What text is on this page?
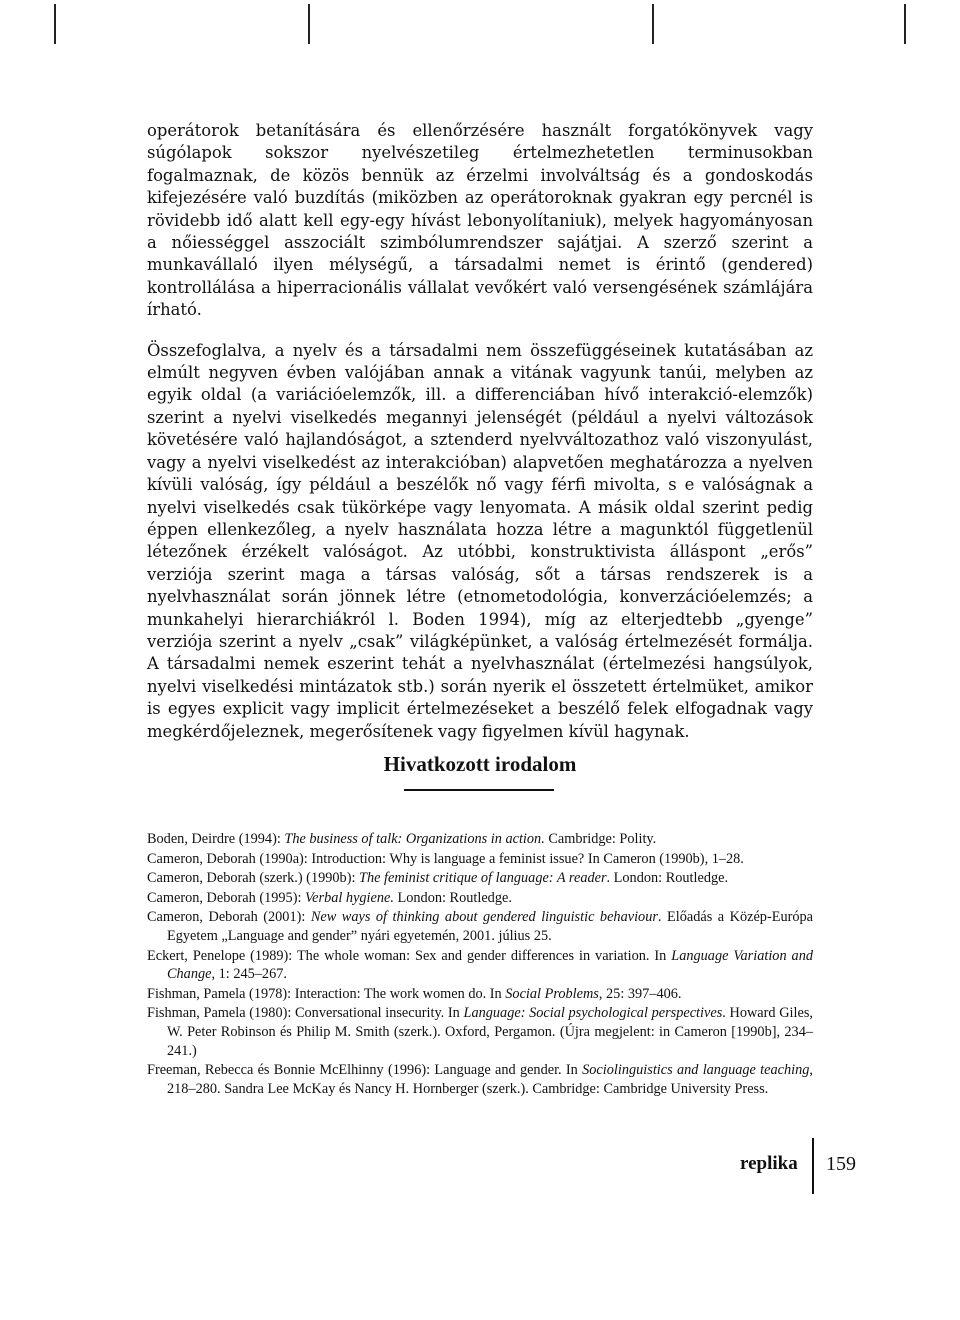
operátorok betanítására és ellenőrzésére használt forgatókönyvek vagy súgólapok sokszor nyelvészetileg értelmezhetetlen terminusokban fogalmaznak, de közös bennük az érzelmi involváltság és a gondoskodás kifejezésére való buzdítás (miközben az operátoroknak gyakran egy percnél is rövidebb idő alatt kell egy-egy hívást lebonyolítaniuk), melyek hagyományosan a nőiességgel asszociált szimbólumrendszer sajátjai. A szerző szerint a munkavállaló ilyen mélységű, a társadalmi nemet is érintő (gendered) kontrollálása a hiperracionális vállalat vevőkért való versengésének számlájára írható.

Összefoglalva, a nyelv és a társadalmi nem összefüggéseinek kutatásában az elmúlt negyven évben valójában annak a vitának vagyunk tanúi, melyben az egyik oldal (a variációelemzők, ill. a differenciában hívő interakció-elemzők) szerint a nyelvi viselkedés megannyi jelenségét (például a nyelvi változások követésére való hajlandóságot, a sztenderd nyelvváltozathoz való viszonyulást, vagy a nyelvi viselkedést az interakcióban) alapvetően meghatározza a nyelven kívüli valóság, így például a beszélők nő vagy férfi mivolta, s e valóságnak a nyelvi viselkedés csak tükörképe vagy lenyomata. A másik oldal szerint pedig éppen ellenkezőleg, a nyelv használata hozza létre a magunktól függetlenül létezőnek érzékelt valóságot. Az utóbbi, konstruktivista álláspont „erős” verziója szerint maga a társas valóság, sőt a társas rendszerek is a nyelvhasználat során jönnek létre (etnometodológia, konverzációelemzés; a munkahelyi hierarchiákról l. Boden 1994), míg az elterjedtebb „gyenge” verziója szerint a nyelv „csak” világképünket, a valóság értelmezését formálja. A társadalmi nemek eszerint tehát a nyelvhasználat (értelmezési hangsúlyok, nyelvi viselkedési mintázatok stb.) során nyerik el összetett értelmüket, amikor is egyes explicit vagy implicit értelmezéseket a beszélő felek elfogadnak vagy megkérdőjeleznek, megerősítenek vagy figyelmen kívül hagynak.

Hivatkozott irodalom

Boden, Deirdre (1994): The business of talk: Organizations in action. Cambridge: Polity.

Cameron, Deborah (1990a): Introduction: Why is language a feminist issue? In Cameron (1990b), 1–28.

Cameron, Deborah (szerk.) (1990b): The feminist critique of language: A reader. London: Routledge.

Cameron, Deborah (1995): Verbal hygiene. London: Routledge.

Cameron, Deborah (2001): New ways of thinking about gendered linguistic behaviour. Előadás a Közép-Európa Egyetem „Language and gender” nyári egyetemén, 2001. július 25.

Eckert, Penelope (1989): The whole woman: Sex and gender differences in variation. In Language Variation and Change, 1: 245–267.

Fishman, Pamela (1978): Interaction: The work women do. In Social Problems, 25: 397–406.

Fishman, Pamela (1980): Conversational insecurity. In Language: Social psychological perspectives. Howard Giles, W. Peter Robinson és Philip M. Smith (szerk.). Oxford, Pergamon. (Újra megjelent: in Cameron [1990b], 234–241.)

Freeman, Rebecca és Bonnie McElhinny (1996): Language and gender. In Sociolinguistics and language teaching, 218–280. Sandra Lee McKay és Nancy H. Hornberger (szerk.). Cambridge: Cambridge University Press.

replika 159
